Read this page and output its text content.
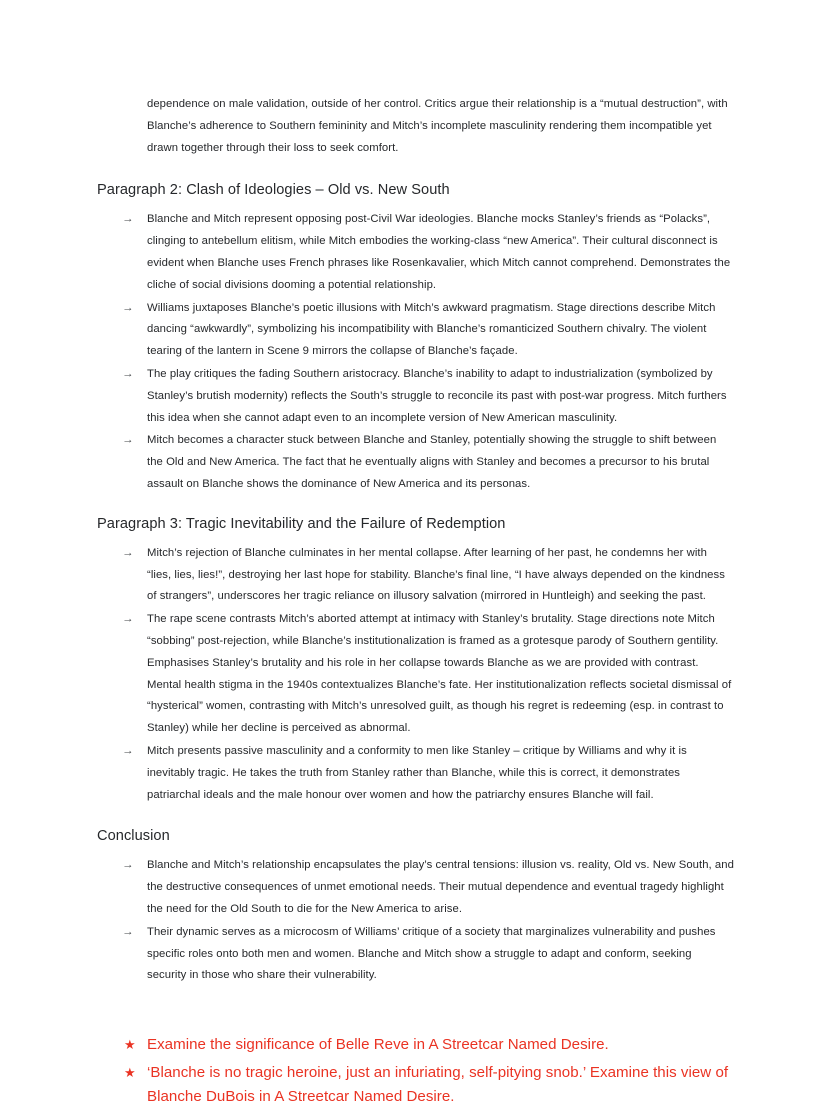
dependence on male validation, outside of her control. Critics argue their relationship is a “mutual destruction”, with Blanche’s adherence to Southern femininity and Mitch’s incomplete masculinity rendering them incompatible yet drawn together through their loss to seek comfort.

Paragraph 2: Clash of Ideologies – Old vs. New South
→	Blanche and Mitch represent opposing post-Civil War ideologies. Blanche mocks Stanley’s friends as “Polacks”, clinging to antebellum elitism, while Mitch embodies the working-class “new America”. Their cultural disconnect is evident when Blanche uses French phrases like Rosenkavalier, which Mitch cannot comprehend. Demonstrates the cliche of social divisions dooming a potential relationship.
→	Williams juxtaposes Blanche’s poetic illusions with Mitch’s awkward pragmatism. Stage directions describe Mitch dancing “awkwardly”, symbolizing his incompatibility with Blanche’s romanticized Southern chivalry. The violent tearing of the lantern in Scene 9 mirrors the collapse of Blanche’s façade.
→	The play critiques the fading Southern aristocracy. Blanche’s inability to adapt to industrialization (symbolized by Stanley’s brutish modernity) reflects the South’s struggle to reconcile its past with post-war progress. Mitch furthers this idea when she cannot adapt even to an incomplete version of New American masculinity.
→	Mitch becomes a character stuck between Blanche and Stanley, potentially showing the struggle to shift between the Old and New America. The fact that he eventually aligns with Stanley and becomes a precursor to his brutal assault on Blanche shows the dominance of New America and its personas.
Paragraph 3: Tragic Inevitability and the Failure of Redemption
→	Mitch’s rejection of Blanche culminates in her mental collapse. After learning of her past, he condemns her with “lies, lies, lies!”, destroying her last hope for stability. Blanche’s final line, “I have always depended on the kindness of strangers”, underscores her tragic reliance on illusory salvation (mirrored in Huntleigh) and seeking the past.
→	The rape scene contrasts Mitch’s aborted attempt at intimacy with Stanley’s brutality. Stage directions note Mitch “sobbing” post-rejection, while Blanche’s institutionalization is framed as a grotesque parody of Southern gentility. Emphasises Stanley’s brutality and his role in her collapse towards Blanche as we are provided with contrast. Mental health stigma in the 1940s contextualizes Blanche’s fate. Her institutionalization reflects societal dismissal of “hysterical” women, contrasting with Mitch’s unresolved guilt, as though his regret is redeeming (esp. in contrast to Stanley) while her decline is perceived as abnormal.
→	Mitch presents passive masculinity and a conformity to men like Stanley – critique by Williams and why it is inevitably tragic. He takes the truth from Stanley rather than Blanche, while this is correct, it demonstrates patriarchal ideals and the male honour over women and how the patriarchy ensures Blanche will fail.
Conclusion
→	Blanche and Mitch’s relationship encapsulates the play’s central tensions: illusion vs. reality, Old vs. New South, and the destructive consequences of unmet emotional needs. Their mutual dependence and eventual tragedy highlight the need for the Old South to die for the New America to arise.
→	Their dynamic serves as a microcosm of Williams’ critique of a society that marginalizes vulnerability and pushes specific roles onto both men and women. Blanche and Mitch show a struggle to adapt and conform, seeking security in those who share their vulnerability.
★ Examine the significance of Belle Reve in A Streetcar Named Desire.
★ ‘Blanche is no tragic heroine, just an infuriating, self-pitying snob.’ Examine this view of Blanche DuBois in A Streetcar Named Desire.
